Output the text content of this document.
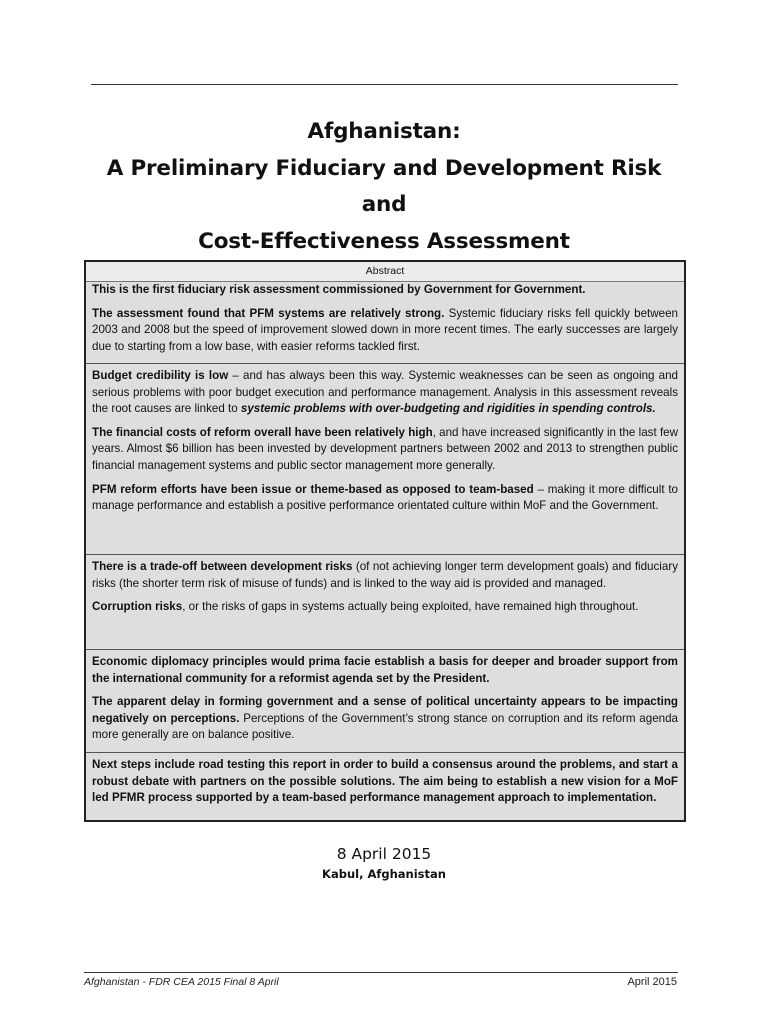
Afghanistan:
A Preliminary Fiduciary and Development Risk
and
Cost-Effectiveness Assessment
Abstract
This is the first fiduciary risk assessment commissioned by Government for Government.
The assessment found that PFM systems are relatively strong. Systemic fiduciary risks fell quickly between 2003 and 2008 but the speed of improvement slowed down in more recent times. The early successes are largely due to starting from a low base, with easier reforms tackled first.
Budget credibility is low – and has always been this way. Systemic weaknesses can be seen as ongoing and serious problems with poor budget execution and performance management. Analysis in this assessment reveals the root causes are linked to systemic problems with over-budgeting and rigidities in spending controls.
The financial costs of reform overall have been relatively high, and have increased significantly in the last few years. Almost $6 billion has been invested by development partners between 2002 and 2013 to strengthen public financial management systems and public sector management more generally.
PFM reform efforts have been issue or theme-based as opposed to team-based – making it more difficult to manage performance and establish a positive performance orientated culture within MoF and the Government.
There is a trade-off between development risks (of not achieving longer term development goals) and fiduciary risks (the shorter term risk of misuse of funds) and is linked to the way aid is provided and managed.
Corruption risks, or the risks of gaps in systems actually being exploited, have remained high throughout.
Economic diplomacy principles would prima facie establish a basis for deeper and broader support from the international community for a reformist agenda set by the President.
The apparent delay in forming government and a sense of political uncertainty appears to be impacting negatively on perceptions. Perceptions of the Government’s strong stance on corruption and its reform agenda more generally are on balance positive.
Next steps include road testing this report in order to build a consensus around the problems, and start a robust debate with partners on the possible solutions. The aim being to establish a new vision for a MoF led PFMR process supported by a team-based performance management approach to implementation.
8 April 2015
Kabul, Afghanistan
Afghanistan - FDR CEA 2015 Final 8 April	April 2015
